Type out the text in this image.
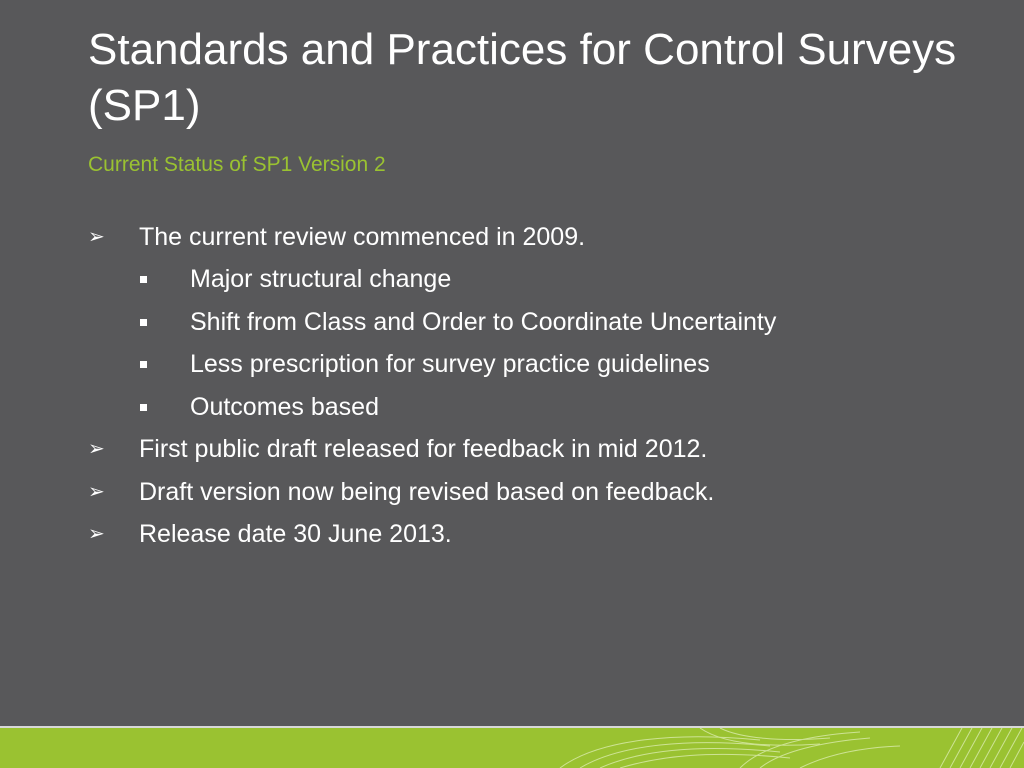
Standards and Practices for Control Surveys (SP1)

Current Status of SP1 Version 2

➢ The current review commenced in 2009.
Major structural change
Shift from Class and Order to Coordinate Uncertainty
Less prescription for survey practice guidelines
Outcomes based
➢ First public draft released for feedback in mid 2012.
➢ Draft version now being revised based on feedback.
➢ Release date 30 June 2013.
